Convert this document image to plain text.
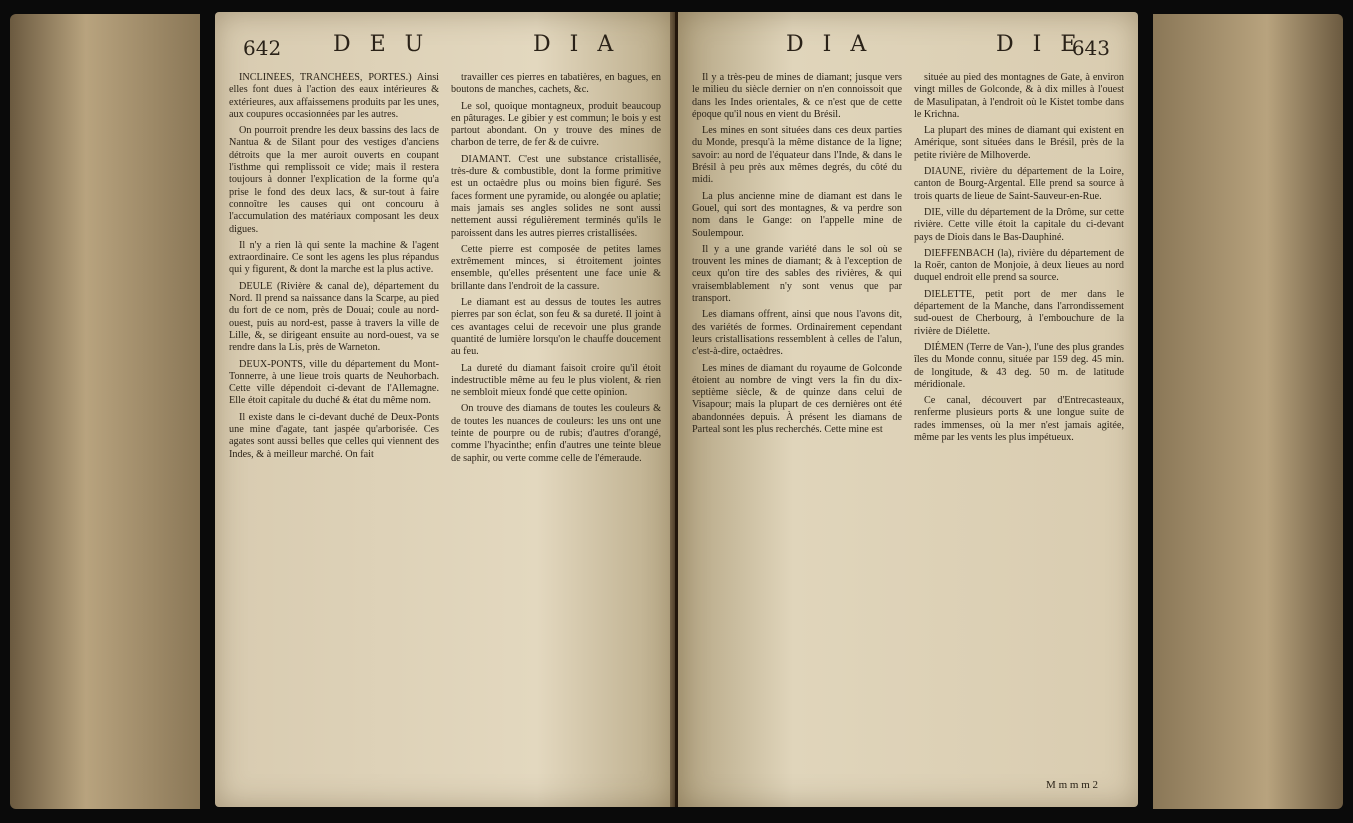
642 D E U	D I A

INCLINÉES, TRANCHÉES, PORTES.) Ainsi elles font dues à l'action des eaux intérieures & extérieures, aux affaissemens produits par les unes, aux coupures occasionnées par les autres.

On pourroit prendre les deux bassins des lacs de Nantua & de Silant pour des vestiges d'anciens détroits que la mer auroit ouverts en coupant l'isthme qui remplissoit ce vide; mais il restera toujours à donner l'explication de la forme qu'a prise le fond des deux lacs, & sur-tout à faire connoître les causes qui ont concouru à l'accumulation des matériaux composant les deux digues.

Il n'y a rien là qui sente la machine & l'agent extraordinaire. Ce sont les agens les plus répandus qui y figurent, & dont la marche est la plus active.

DEULE (Rivière & canal de), département du Nord. Il prend sa naissance dans la Scarpe, au pied du fort de ce nom, près de Douai; coule au nord-ouest, puis au nord-est, passe à travers la ville de Lille, &, se dirigeant ensuite au nord-ouest, va se rendre dans la Lis, près de Warneton.

DEUX-PONTS, ville du département du Mont-Tonnerre, à une lieue trois quarts de Neuhorbach. Cette ville dépendoit ci-devant de l'Allemagne. Elle étoit capitale du duché & état du même nom.

Il existe dans le ci-devant duché de Deux-Ponts une mine d'agate, tant jaspée qu'arborisée. Ces agates sont aussi belles que celles qui viennent des Indes, & à meilleur marché. On fait

travailler ces pierres en tabatières, en bagues, en boutons de manches, cachets, &c.

Le sol, quoique montagneux, produit beaucoup en pâturages. Le gibier y est commun; le bois y est partout abondant. On y trouve des mines de charbon de terre, de fer & de cuivre.

DIAMANT. C'est une substance cristallisée, très-dure & combustible, dont la forme primitive est un octaèdre plus ou moins bien figuré. Ses faces forment une pyramide, ou alongée ou aplatie; mais jamais ses angles solides ne sont aussi nettement aussi régulièrement terminés qu'ils le paroissent dans les autres pierres cristallisées.

Cette pierre est composée de petites lames extrêmement minces, si étroitement jointes ensemble, qu'elles présentent une face unie & brillante dans l'endroit de la cassure.

Le diamant est au dessus de toutes les autres pierres par son éclat, son feu & sa dureté. Il joint à ces avantages celui de recevoir une plus grande quantité de lumière lorsqu'on le chauffe doucement au feu.

La dureté du diamant faisoit croire qu'il étoit indestructible même au feu le plus violent, & rien ne sembloit mieux fondé que cette opinion.

On trouve des diamans de toutes les couleurs & de toutes les nuances de couleurs: les uns ont une teinte de pourpre ou de rubis; d'autres d'orangé, comme l'hyacinthe; enfin d'autres une teinte bleue de saphir, ou verte comme celle de l'émeraude.

D I A	D I E
643

Il y a très-peu de mines de diamant; jusque vers le milieu du siècle dernier on n'en connoissoit que dans les Indes orientales, & ce n'est que de cette époque qu'il nous en vient du Brésil.

Les mines en sont situées dans ces deux parties du Monde, presqu'à la même distance de la ligne; savoir: au nord de l'équateur dans l'Inde, & dans le Brésil à peu près aux mêmes degrés, du côté du midi.

La plus ancienne mine de diamant est dans le Gouel, qui sort des montagnes, & va perdre son nom dans le Gange: on l'appelle mine de Soulempour.

Il y a une grande variété dans le sol où se trouvent les mines de diamant; & à l'exception de ceux qu'on tire des sables des rivières, & qui vraisemblablement n'y sont venus que par transport.

Les diamans offrent, ainsi que nous l'avons dit, des variétés de formes. Ordinairement cependant leurs cristallisations ressemblent à celles de l'alun, c'est-à-dire, octaèdres.

Les mines de diamant du royaume de Golconde étoient au nombre de vingt vers la fin du dix-septième siècle, & de quinze dans celui de Visapour; mais la plupart de ces dernières ont été abandonnées depuis. À présent les diamans de Parteal sont les plus recherchés. Cette mine est

située au pied des montagnes de Gate, à environ vingt milles de Golconde, & à dix milles à l'ouest de Masulipatan, à l'endroit où le Kistet tombe dans le Krichna.

La plupart des mines de diamant qui existent en Amérique, sont situées dans le Brésil, près de la petite rivière de Milhoverde.

DIAUNE, rivière du département de la Loire, canton de Bourg-Argental. Elle prend sa source à trois quarts de lieue de Saint-Sauveur-en-Rue.

DIE, ville du département de la Drôme, sur cette rivière. Cette ville étoit la capitale du ci-devant pays de Diois dans le Bas-Dauphiné.

DIEFFENBACH (la), rivière du département de la Roër, canton de Monjoie, à deux lieues au nord duquel endroit elle prend sa source.

DIELETTE, petit port de mer dans le département de la Manche, dans l'arrondissement sud-ouest de Cherbourg, à l'embouchure de la rivière de Diélette.

DIÉMEN (Terre de Van-), l'une des plus grandes îles du Monde connu, située par 159 deg. 45 min. de longitude, & 43 deg. 50 m. de latitude méridionale.

Ce canal, découvert par d'Entrecasteaux, renferme plusieurs ports & une longue suite de rades immenses, où la mer n'est jamais agitée, même par les vents les plus impétueux.

M m m m 2
